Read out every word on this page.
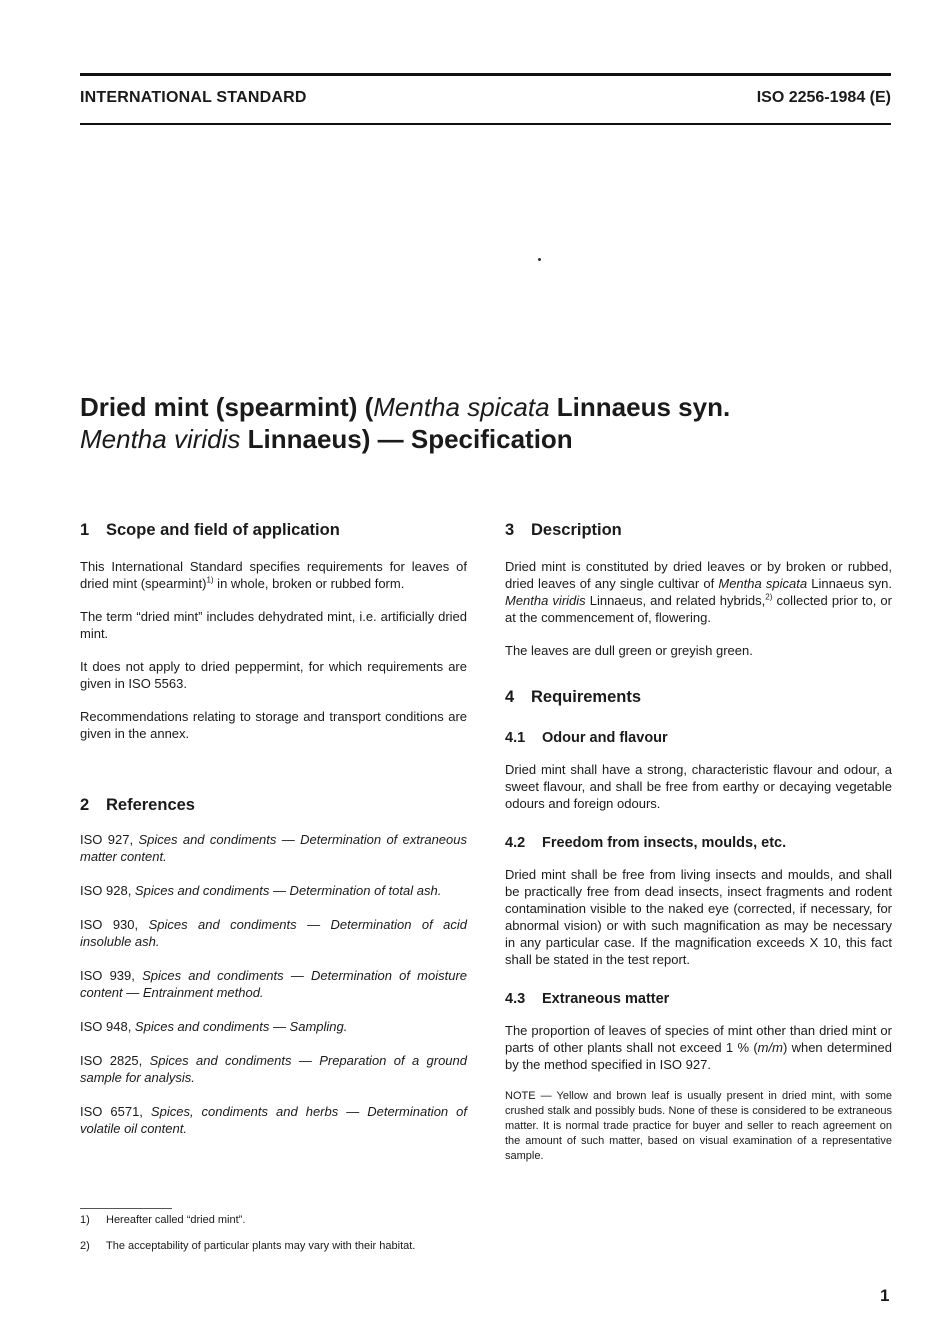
INTERNATIONAL STANDARD	ISO 2256-1984 (E)
Dried mint (spearmint) (Mentha spicata Linnaeus syn.
Mentha viridis Linnaeus) — Specification
1 Scope and field of application

This International Standard specifies requirements for leaves of dried mint (spearmint)$^{1)}$ in whole, broken or rubbed form.

The term “dried mint” includes dehydrated mint, i.e. artificially dried mint.

It does not apply to dried peppermint, for which requirements are given in ISO 5563.

Recommendations relating to storage and transport conditions are given in the annex.

2 References

ISO 927, Spices and condiments — Determination of extraneous matter content.

ISO 928, Spices and condiments — Determination of total ash.

ISO 930, Spices and condiments — Determination of acid insoluble ash.

ISO 939, Spices and condiments — Determination of moisture content — Entrainment method.

ISO 948, Spices and condiments — Sampling.

ISO 2825, Spices and condiments — Preparation of a ground sample for analysis.

ISO 6571, Spices, condiments and herbs — Determination of volatile oil content.

3 Description

Dried mint is constituted by dried leaves or by broken or rubbed, dried leaves of any single cultivar of Mentha spicata Linnaeus syn. Mentha viridis Linnaeus, and related hybrids,$^{2)}$ collected prior to, or at the commencement of, flowering.

The leaves are dull green or greyish green.

4 Requirements
4.1 Odour and flavour

Dried mint shall have a strong, characteristic flavour and odour, a sweet flavour, and shall be free from earthy or decaying vegetable odours and foreign odours.

4.2 Freedom from insects, moulds, etc.

Dried mint shall be free from living insects and moulds, and shall be practically free from dead insects, insect fragments and rodent contamination visible to the naked eye (corrected, if necessary, for abnormal vision) or with such magnification as may be necessary in any particular case. If the magnification exceeds X 10, this fact shall be stated in the test report.

4.3 Extraneous matter

The proportion of leaves of species of mint other than dried mint or parts of other plants shall not exceed 1 % (m/m) when determined by the method specified in ISO 927.

NOTE — Yellow and brown leaf is usually present in dried mint, with some crushed stalk and possibly buds. None of these is considered to be extraneous matter. It is normal trade practice for buyer and seller to reach agreement on the amount of such matter, based on visual examination of a representative sample.

1) Hereafter called “dried mint”.
2) The acceptability of particular plants may vary with their habitat.
1
